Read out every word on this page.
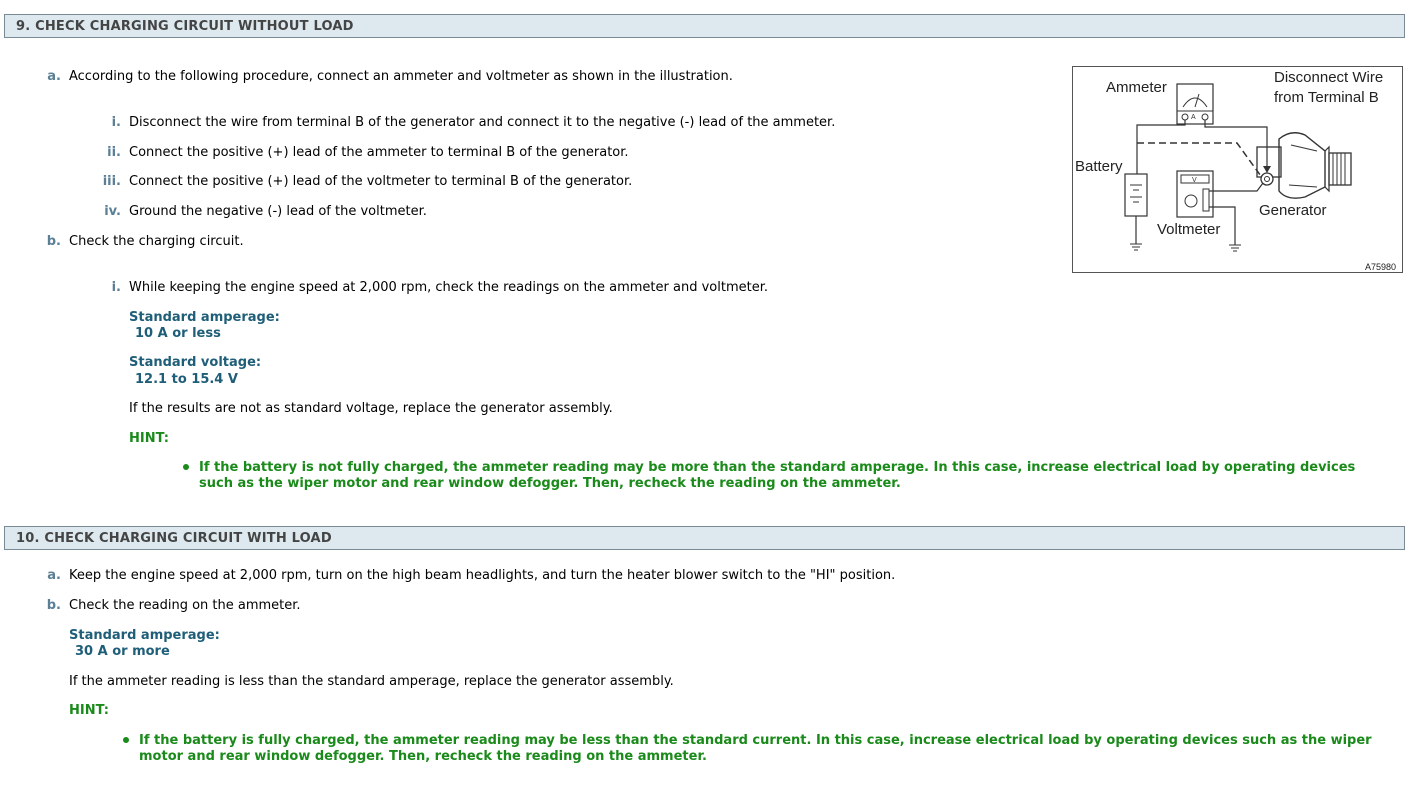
9. CHECK CHARGING CIRCUIT WITHOUT LOAD
a. According to the following procedure, connect an ammeter and voltmeter as shown in the illustration.
i. Disconnect the wire from terminal B of the generator and connect it to the negative (-) lead of the ammeter.
ii. Connect the positive (+) lead of the ammeter to terminal B of the generator.
iii. Connect the positive (+) lead of the voltmeter to terminal B of the generator.
iv. Ground the negative (-) lead of the voltmeter.
b. Check the charging circuit.
i. While keeping the engine speed at 2,000 rpm, check the readings on the ammeter and voltmeter.
Standard amperage:
10 A or less
Standard voltage:
12.1 to 15.4 V
If the results are not as standard voltage, replace the generator assembly.
HINT:
If the battery is not fully charged, the ammeter reading may be more than the standard amperage. In this case, increase electrical load by operating devices
such as the wiper motor and rear window defogger. Then, recheck the reading on the ammeter.
A
V
Ammeter
Disconnect Wire
from Terminal B
Battery
Generator
Voltmeter
A75980
10. CHECK CHARGING CIRCUIT WITH LOAD
a. Keep the engine speed at 2,000 rpm, turn on the high beam headlights, and turn the heater blower switch to the "HI" position.
b. Check the reading on the ammeter.
Standard amperage:
30 A or more
If the ammeter reading is less than the standard amperage, replace the generator assembly.
HINT:
If the battery is fully charged, the ammeter reading may be less than the standard current. In this case, increase electrical load by operating devices such as the wiper
motor and rear window defogger. Then, recheck the reading on the ammeter.
